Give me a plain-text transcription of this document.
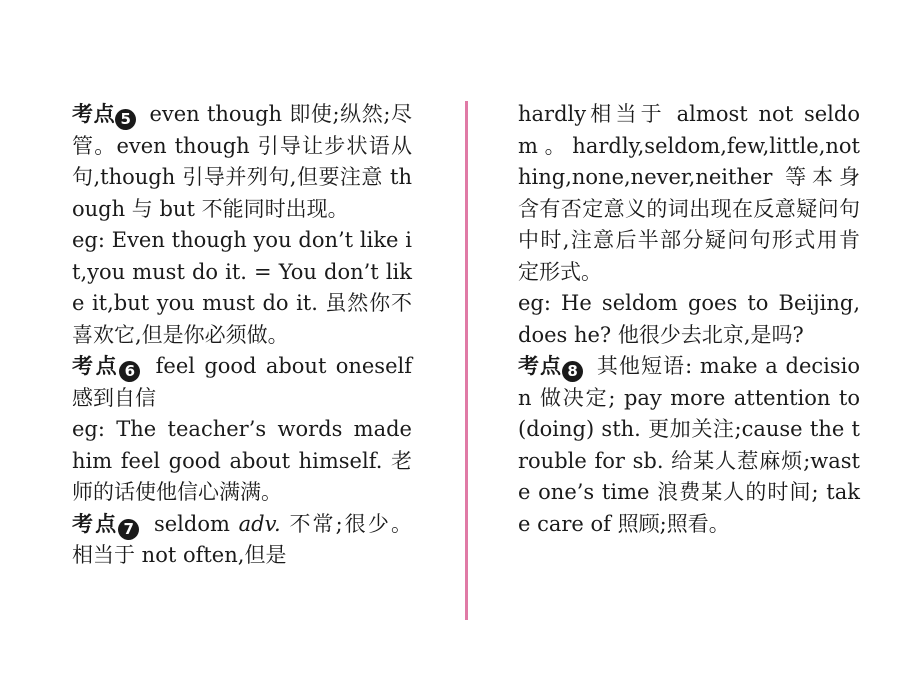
考点 5 even though 即使;纵然;尽管。even though 引导让步状语从句,though 引导并列句,但要注意 though 与 but 不能同时出现。

eg: Even though you don’t like it,you must do it. = You don’t like it,but you must do it. 虽然你不喜欢它,但是你必须做。

考点 6 feel good about oneself 感到自信

eg: The teacher’s words made him feel good about himself. 老师的话使他信心满满。

考点 7 seldom adv. 不常;很少。相当于 not often,但是

hardly相当于 almost not seldom。hardly,seldom,few,little,nothing,none,never,neither 等本身含有否定意义的词出现在反意疑问句中时,注意后半部分疑问句形式用肯定形式。

eg: He seldom goes to Beijing, does he? 他很少去北京,是吗?

考点 8 其他短语: make a decision 做决定; pay more attention to(doing) sth. 更加关注;cause the trouble for sb. 给某人惹麻烦;waste one’s time 浪费某人的时间; take care of 照顾;照看。
